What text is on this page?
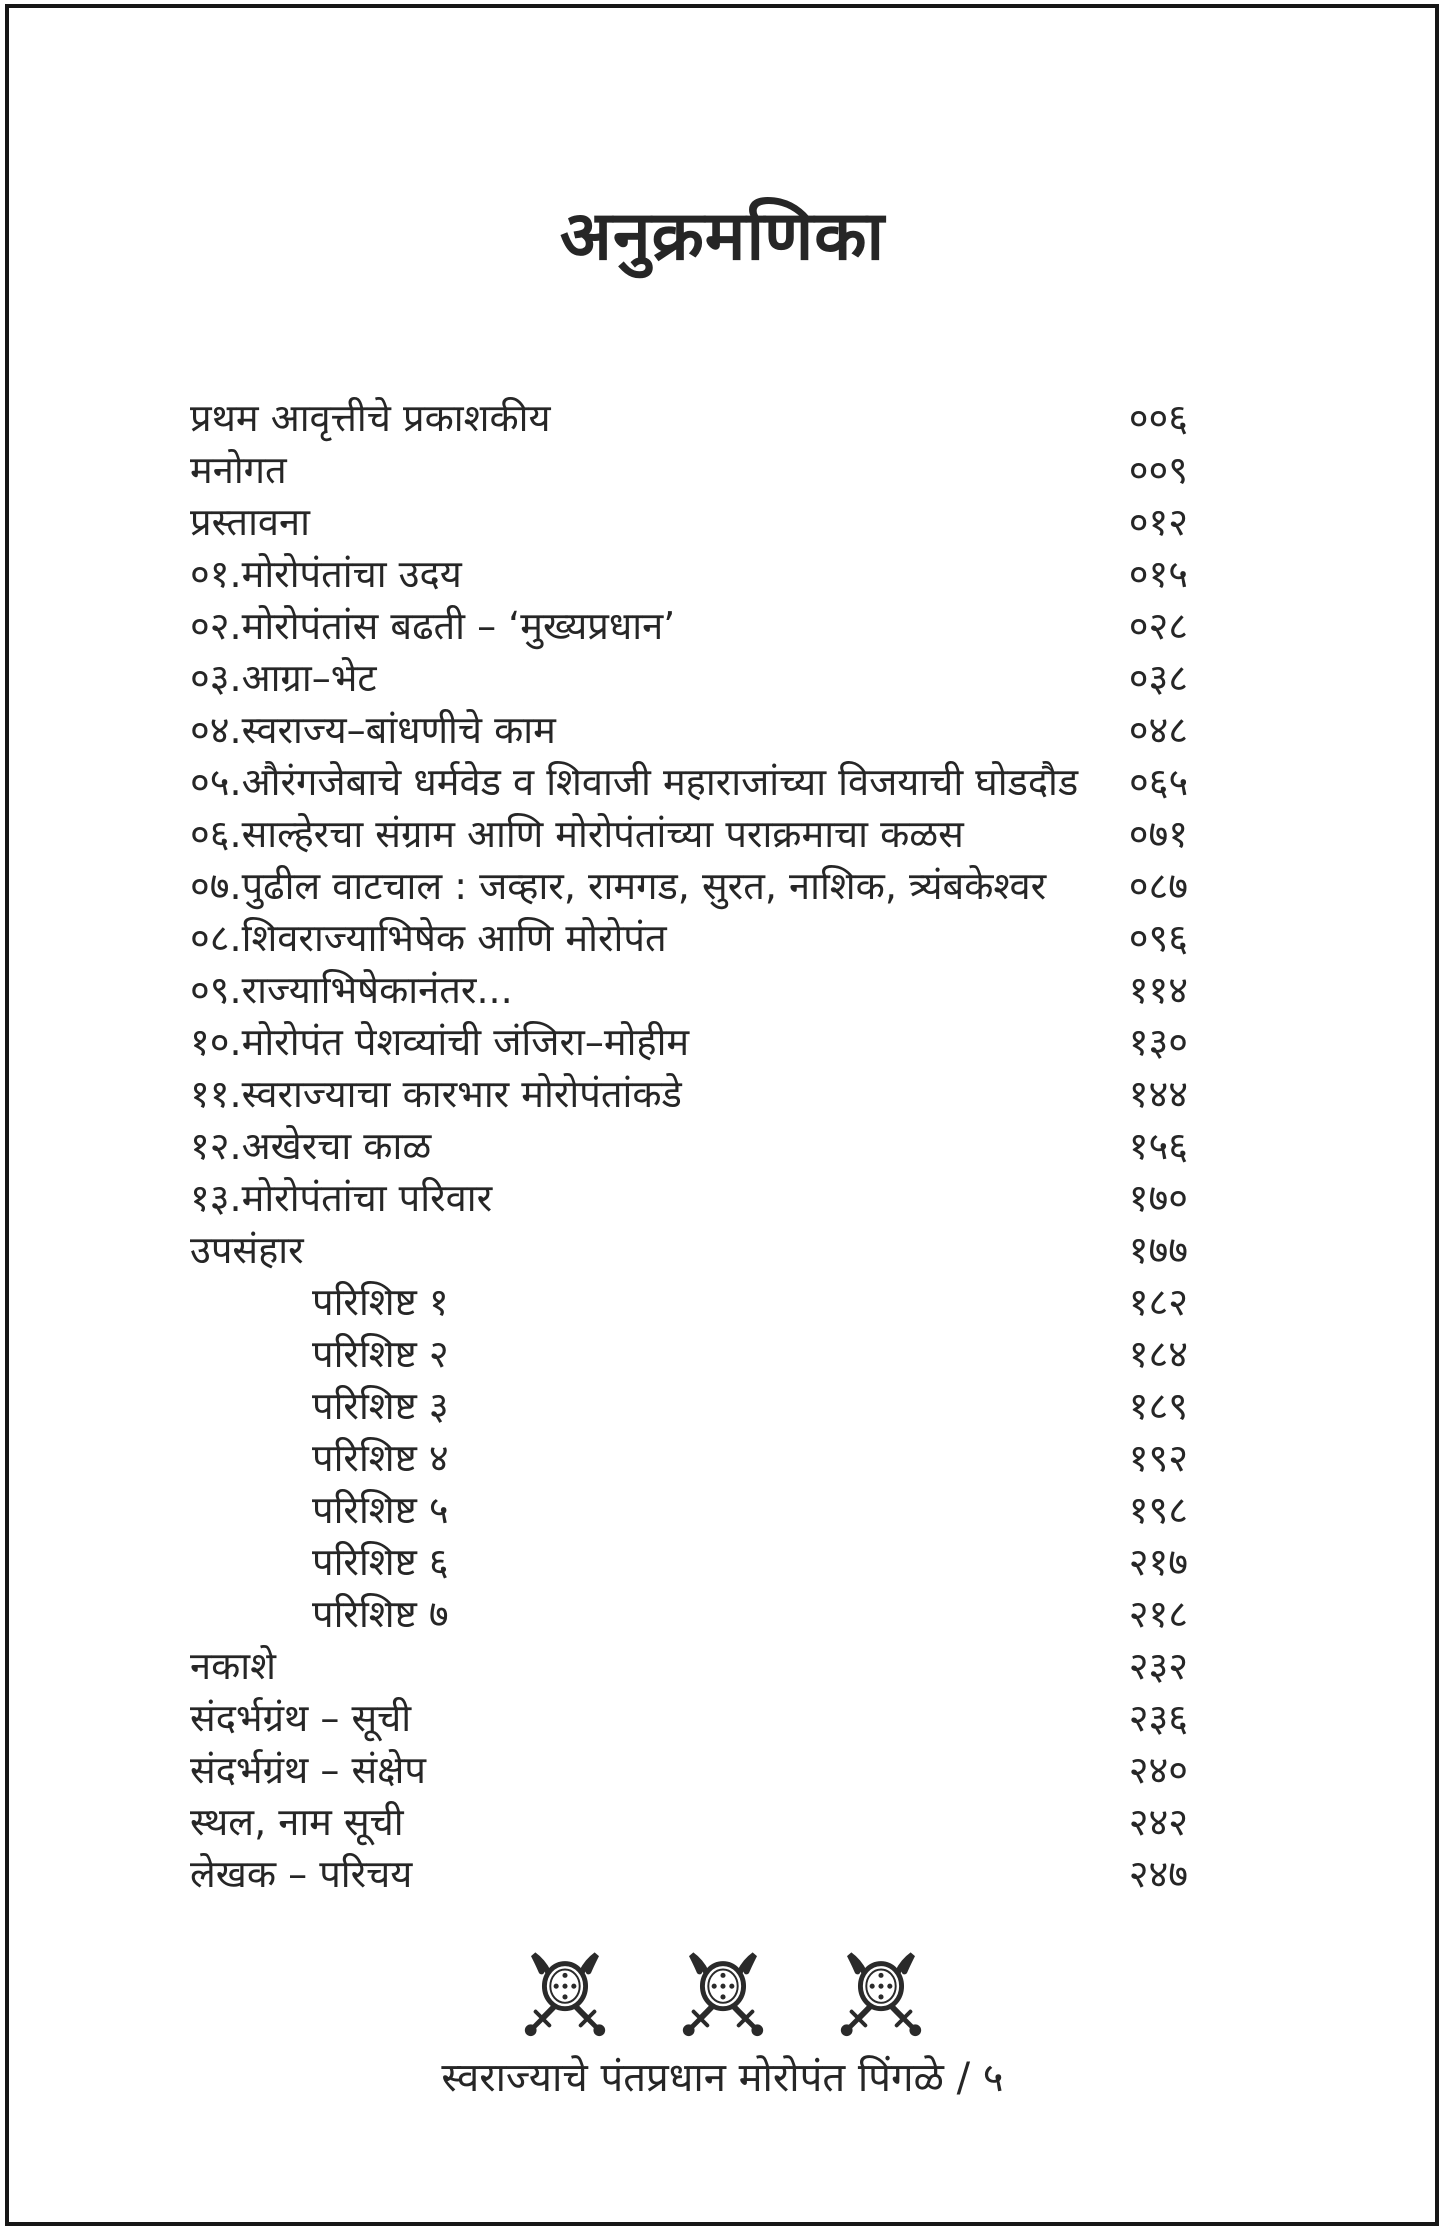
अनुक्रमणिका
प्रथम आवृत्तीचे प्रकाशकीय	००६
मनोगत	००९
प्रस्तावना	०१२
०१.मोरोपंतांचा उदय	०१५
०२.मोरोपंतांस बढती – ‘मुख्यप्रधान’	०२८
०३.आग्रा–भेट	०३८
०४.स्वराज्य–बांधणीचे काम	०४८
०५.औरंगजेबाचे धर्मवेड व शिवाजी महाराजांच्या विजयाची घोडदौड	०६५
०६.साल्हेरचा संग्राम आणि मोरोपंतांच्या पराक्रमाचा कळस	०७१
०७.पुढील वाटचाल : जव्हार, रामगड, सुरत, नाशिक, त्र्यंबकेश्वर	०८७
०८.शिवराज्याभिषेक आणि मोरोपंत	०९६
०९.राज्याभिषेकानंतर...	११४
१०.मोरोपंत पेशव्यांची जंजिरा–मोहीम	१३०
११.स्वराज्याचा कारभार मोरोपंतांकडे	१४४
१२.अखेरचा काळ	१५६
१३.मोरोपंतांचा परिवार	१७०
उपसंहार	१७७
परिशिष्ट १	१८२
परिशिष्ट २	१८४
परिशिष्ट ३	१८९
परिशिष्ट ४	१९२
परिशिष्ट ५	१९८
परिशिष्ट ६	२१७
परिशिष्ट ७	२१८
नकाशे	२३२
संदर्भग्रंथ – सूची	२३६
संदर्भग्रंथ – संक्षेप	२४०
स्थल, नाम सूची	२४२
लेखक – परिचय	२४७
स्वराज्याचे पंतप्रधान मोरोपंत पिंगळे / ५
